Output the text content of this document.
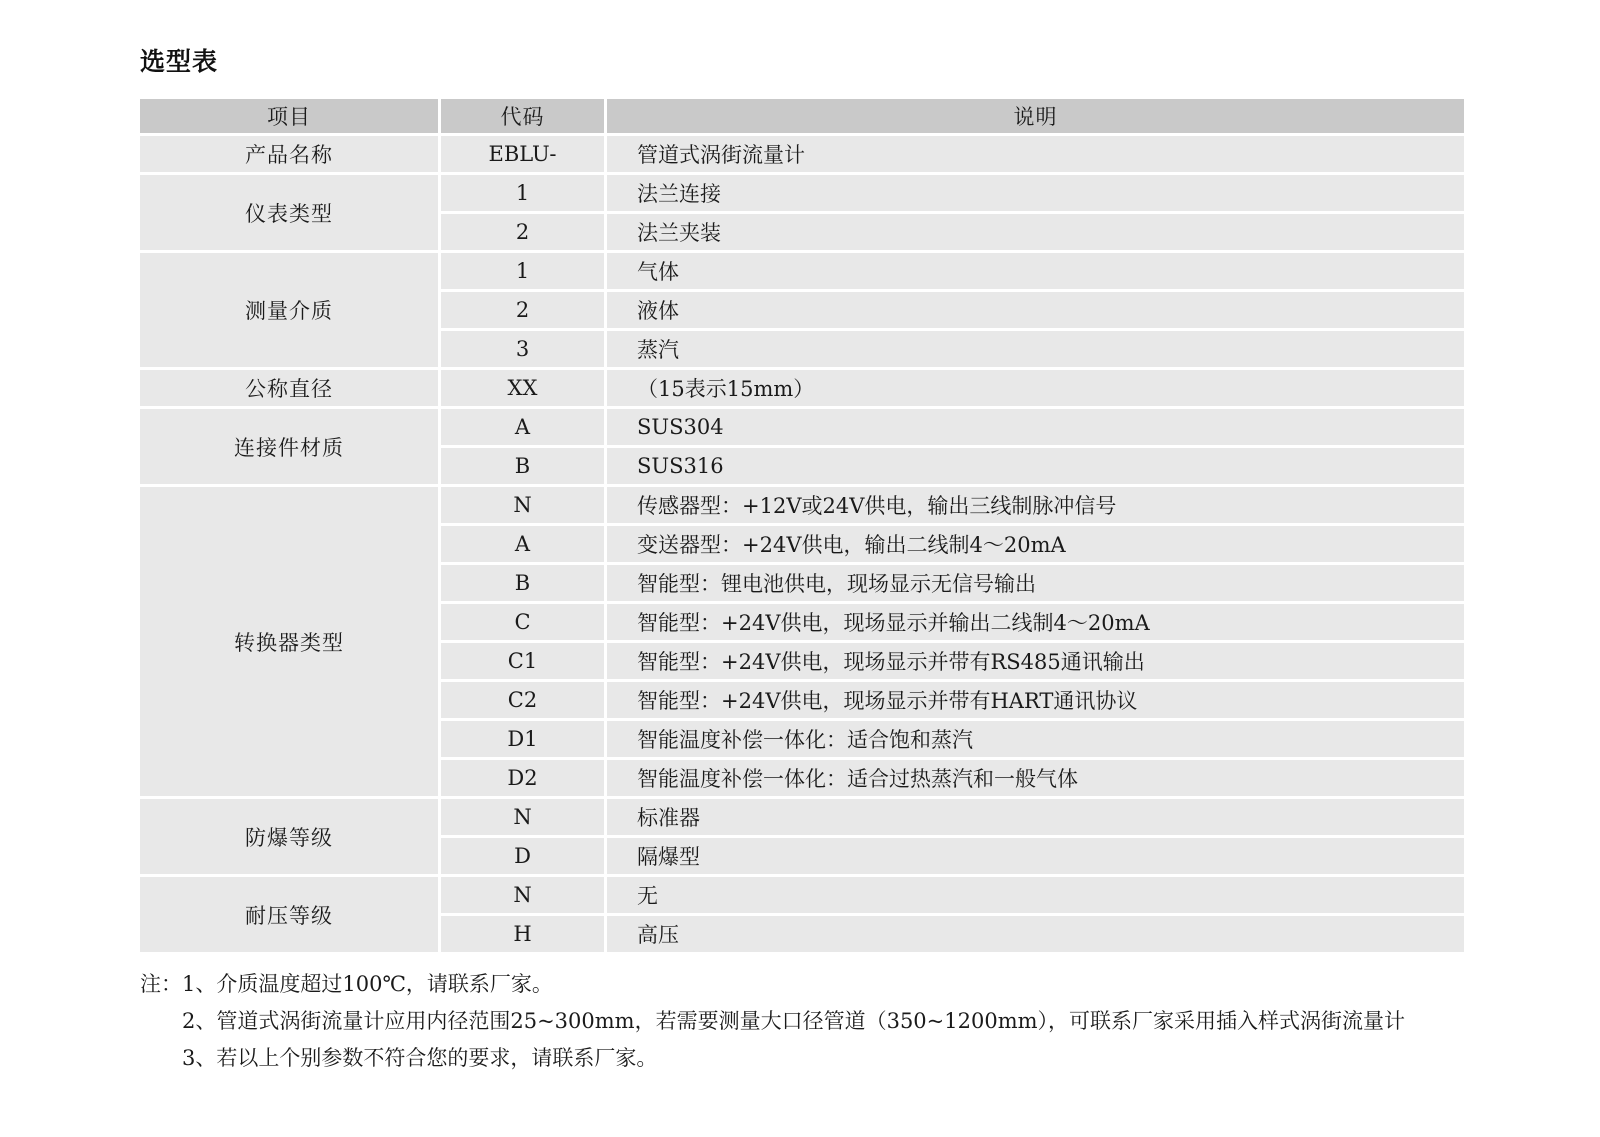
选型表
项目	代码	说明
产品名称	EBLU-	管道式涡街流量计
仪表类型	1	法兰连接
	2	法兰夹装
测量介质	1	气体
	2	液体
	3	蒸汽
公称直径	XX	（15表示15mm）
连接件材质	A	SUS304
	B	SUS316
转换器类型	N	传感器型：+12V或24V供电，输出三线制脉冲信号
	A	变送器型：+24V供电，输出二线制4～20mA
	B	智能型：锂电池供电，现场显示无信号输出
	C	智能型：+24V供电，现场显示并输出二线制4～20mA
	C1	智能型：+24V供电，现场显示并带有RS485通讯输出
	C2	智能型：+24V供电，现场显示并带有HART通讯协议
	D1	智能温度补偿一体化：适合饱和蒸汽
	D2	智能温度补偿一体化：适合过热蒸汽和一般气体
防爆等级	N	标准器
	D	隔爆型
耐压等级	N	无
	H	高压
注：1、介质温度超过100℃，请联系厂家。
2、管道式涡街流量计应用内径范围25~300mm，若需要测量大口径管道（350~1200mm），可联系厂家采用插入样式涡街流量计
3、若以上个别参数不符合您的要求，请联系厂家。
